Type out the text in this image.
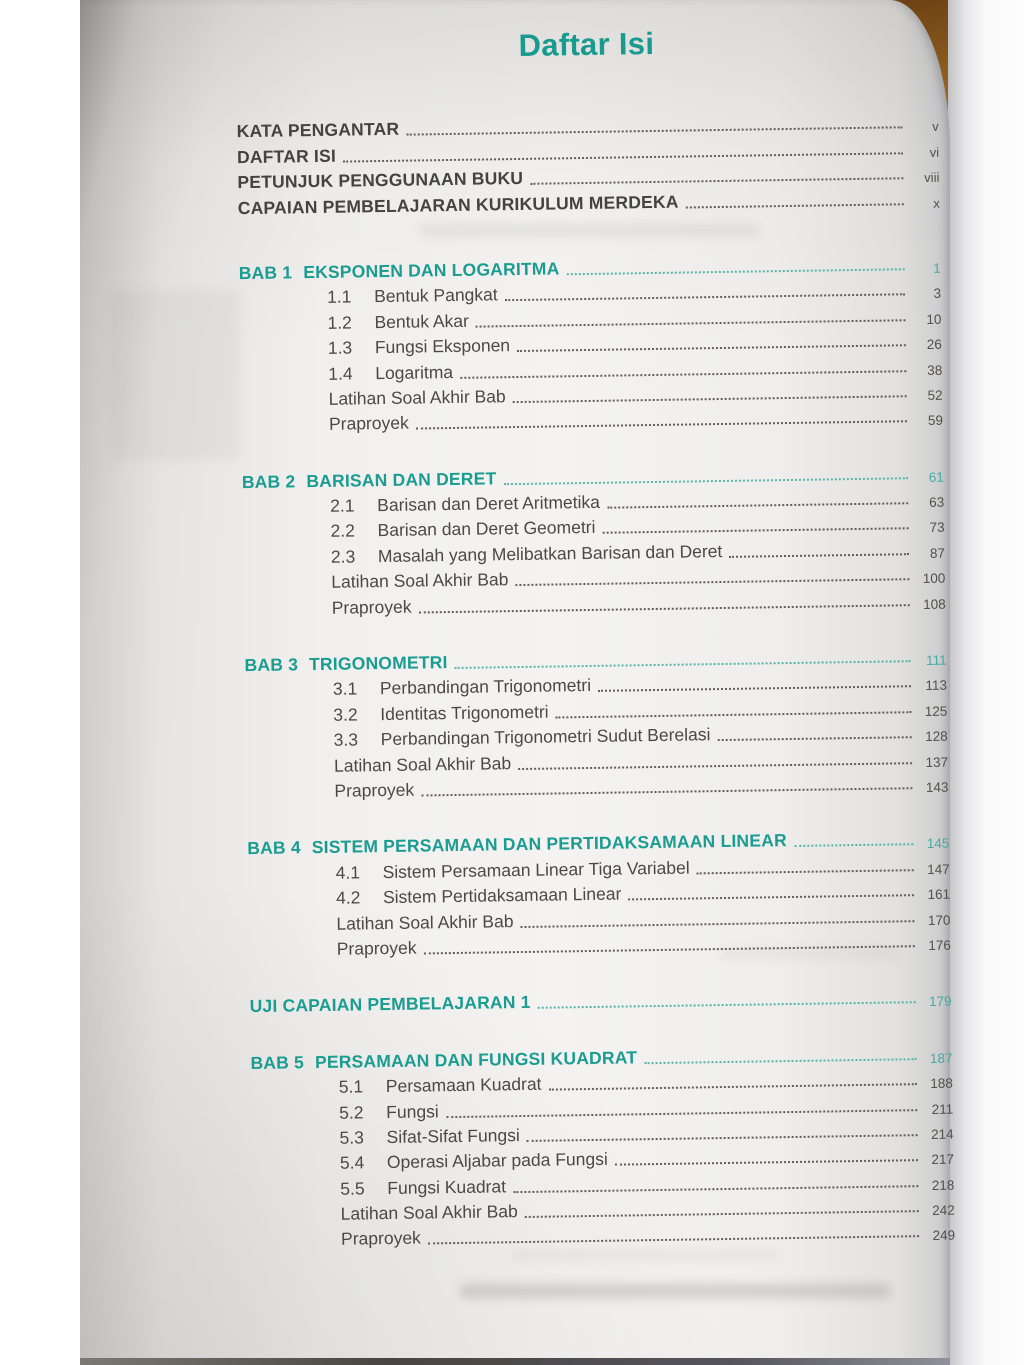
Daftar Isi
KATA PENGANTAR	v
DAFTAR ISI	vi
PETUNJUK PENGGUNAAN BUKU	viii
CAPAIAN PEMBELAJARAN KURIKULUM MERDEKA	x
BAB 1 EKSPONEN DAN LOGARITMA	1
1.1	Bentuk Pangkat	3
1.2	Bentuk Akar	10
1.3	Fungsi Eksponen	26
1.4	Logaritma	38
Latihan Soal Akhir Bab	52
Praproyek	59
BAB 2 BARISAN DAN DERET	61
2.1	Barisan dan Deret Aritmetika	63
2.2	Barisan dan Deret Geometri	73
2.3	Masalah yang Melibatkan Barisan dan Deret	87
Latihan Soal Akhir Bab	100
Praproyek	108
BAB 3 TRIGONOMETRI	111
3.1	Perbandingan Trigonometri	113
3.2	Identitas Trigonometri	125
3.3	Perbandingan Trigonometri Sudut Berelasi	128
Latihan Soal Akhir Bab	137
Praproyek	143
BAB 4 SISTEM PERSAMAAN DAN PERTIDAKSAMAAN LINEAR	145
4.1	Sistem Persamaan Linear Tiga Variabel	147
4.2	Sistem Pertidaksamaan Linear	161
Latihan Soal Akhir Bab	170
Praproyek	176
UJI CAPAIAN PEMBELAJARAN 1	179
BAB 5 PERSAMAAN DAN FUNGSI KUADRAT	187
5.1	Persamaan Kuadrat	188
5.2	Fungsi	211
5.3	Sifat-Sifat Fungsi	214
5.4	Operasi Aljabar pada Fungsi	217
5.5	Fungsi Kuadrat	218
Latihan Soal Akhir Bab	242
Praproyek	249
